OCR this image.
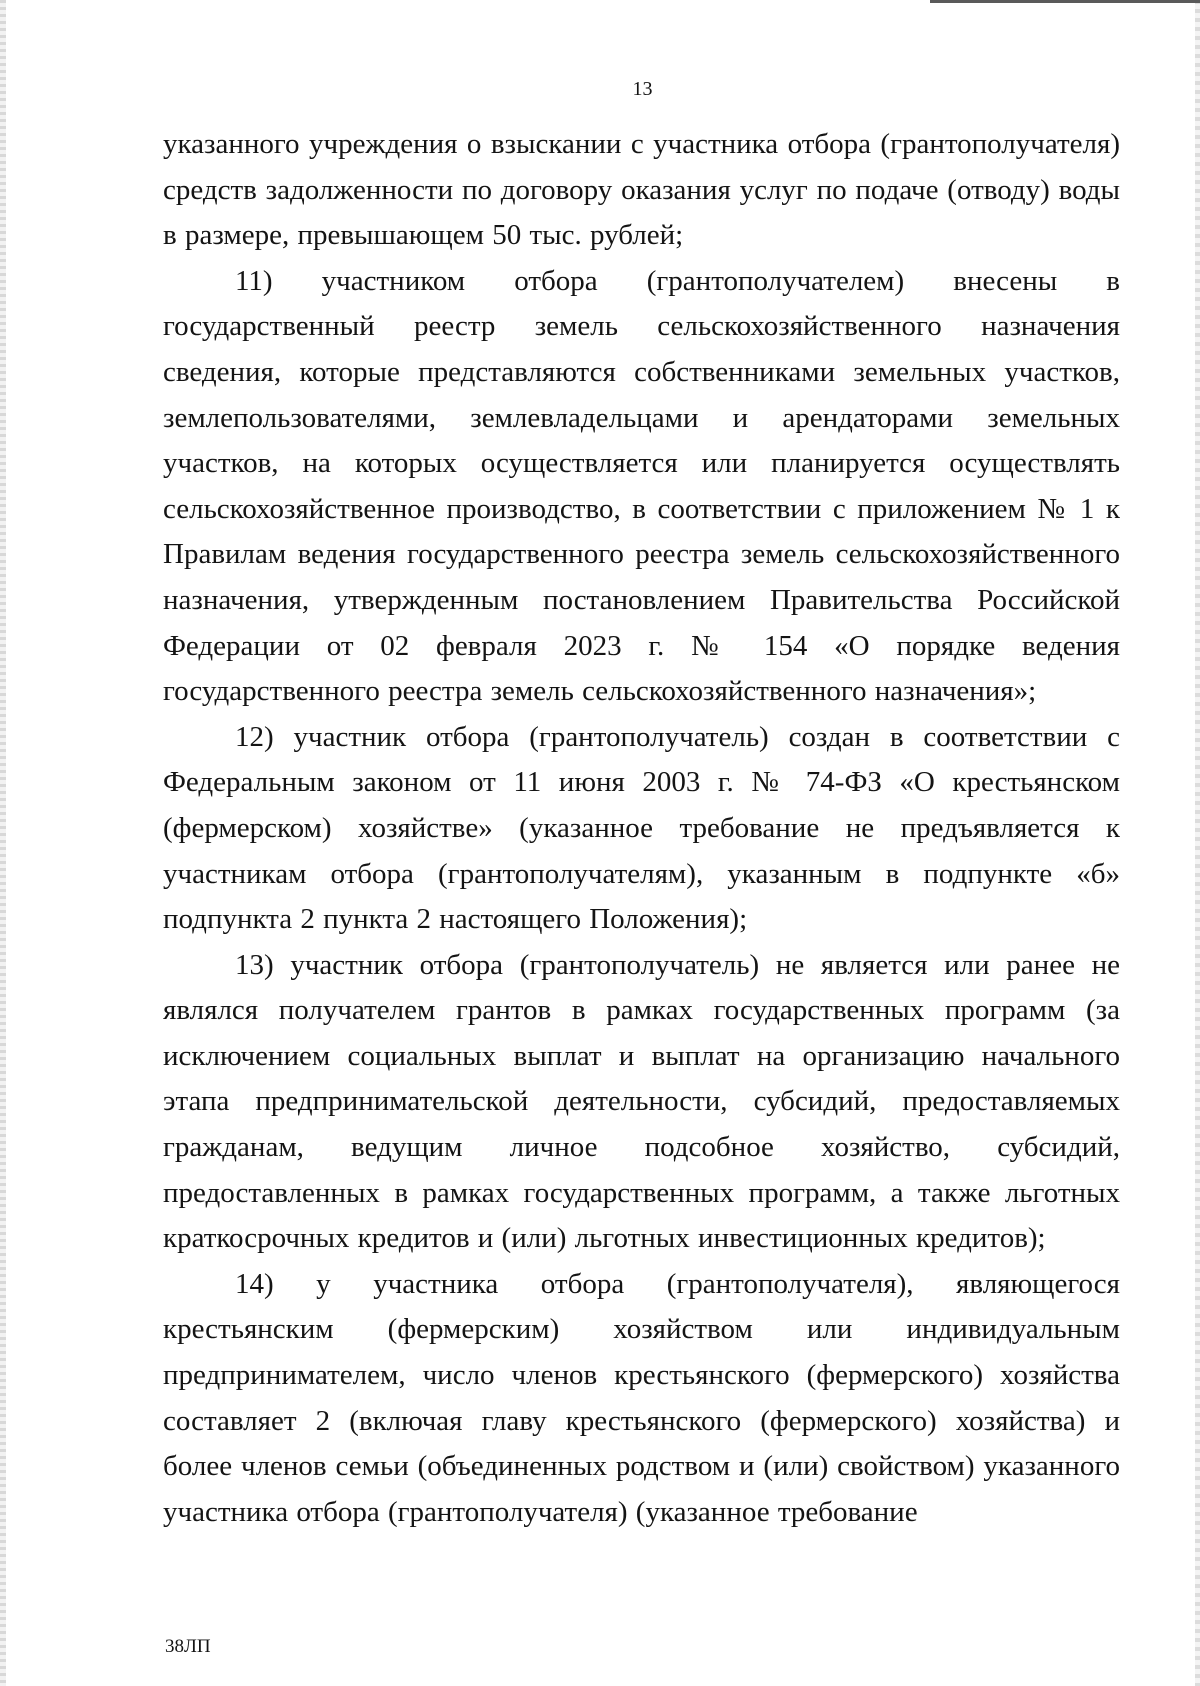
13

указанного учреждения о взыскании с участника отбора (грантополучателя) средств задолженности по договору оказания услуг по подаче (отводу) воды в размере, превышающем 50 тыс. рублей;

11) участником отбора (грантополучателем) внесены в государственный реестр земель сельскохозяйственного назначения сведения, которые представляются собственниками земельных участков, землепользователями, землевладельцами и арендаторами земельных участков, на которых осуществляется или планируется осуществлять сельскохозяйственное производство, в соответствии с приложением № 1 к Правилам ведения государственного реестра земель сельскохозяйственного назначения, утвержденным постановлением Правительства Российской Федерации от 02 февраля 2023 г. № 154 «О порядке ведения государственного реестра земель сельскохозяйственного назначения»;

12) участник отбора (грантополучатель) создан в соответствии с Федеральным законом от 11 июня 2003 г. № 74-ФЗ «О крестьянском (фермерском) хозяйстве» (указанное требование не предъявляется к участникам отбора (грантополучателям), указанным в подпункте «б» подпункта 2 пункта 2 настоящего Положения);

13) участник отбора (грантополучатель) не является или ранее не являлся получателем грантов в рамках государственных программ (за исключением социальных выплат и выплат на организацию начального этапа предпринимательской деятельности, субсидий, предоставляемых гражданам, ведущим личное подсобное хозяйство, субсидий, предоставленных в рамках государственных программ, а также льготных краткосрочных кредитов и (или) льготных инвестиционных кредитов);

14) у участника отбора (грантополучателя), являющегося крестьянским (фермерским) хозяйством или индивидуальным предпринимателем, число членов крестьянского (фермерского) хозяйства составляет 2 (включая главу крестьянского (фермерского) хозяйства) и более членов семьи (объединенных родством и (или) свойством) указанного участника отбора (грантополучателя) (указанное требование

38ЛП
